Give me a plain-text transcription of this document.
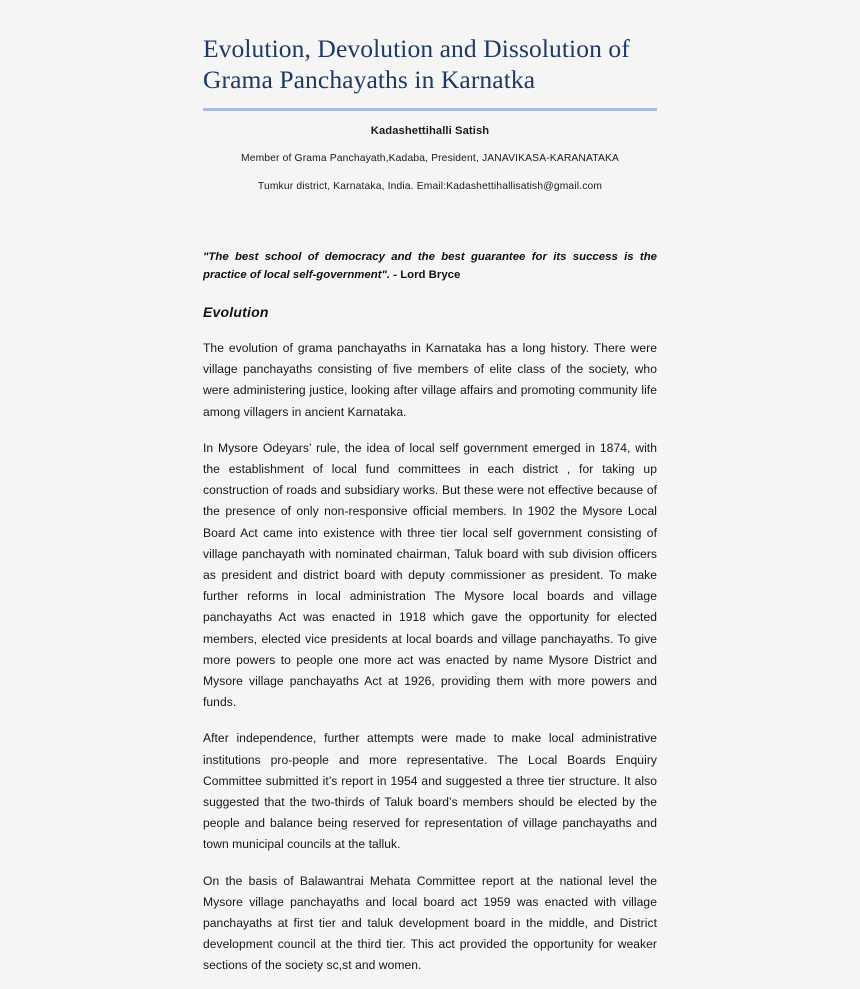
Evolution, Devolution and Dissolution of Grama Panchayaths in Karnatka
Kadashettihalli Satish
Member of Grama Panchayath,Kadaba, President, JANAVIKASA-KARANATAKA
Tumkur district, Karnataka, India. Email:Kadashettihallisatish@gmail.com
"The best school of democracy and the best guarantee for its success is the practice of local self-government". - Lord Bryce
Evolution

The evolution of grama panchayaths in Karnataka has a long history. There were village panchayaths consisting of five members of elite class of the society, who were administering justice, looking after village affairs and promoting community life among villagers in ancient Karnataka.

In Mysore Odeyars’ rule, the idea of local self government emerged in 1874, with the establishment of local fund committees in each district , for taking up construction of roads and subsidiary works. But these were not effective because of the presence of only non-responsive official members. In 1902 the Mysore Local Board Act came into existence with three tier local self government consisting of village panchayath with nominated chairman, Taluk board with sub division officers as president and district board with deputy commissioner as president. To make further reforms in local administration The Mysore local boards and village panchayaths Act was enacted in 1918 which gave the opportunity for elected members, elected vice presidents at local boards and village panchayaths. To give more powers to people one more act was enacted by name Mysore District and Mysore village panchayaths Act at 1926, providing them with more powers and funds.

After independence, further attempts were made to make local administrative institutions pro-people and more representative. The Local Boards Enquiry Committee submitted it’s report in 1954 and suggested a three tier structure. It also suggested that the two-thirds of Taluk board’s members should be elected by the people and balance being reserved for representation of village panchayaths and town municipal councils at the talluk.

On the basis of Balawantrai Mehata Committee report at the national level the Mysore village panchayaths and local board act 1959 was enacted with village panchayaths at first tier and taluk development board in the middle, and District development council at the third tier. This act provided the opportunity for weaker sections of the society sc,st and women.
